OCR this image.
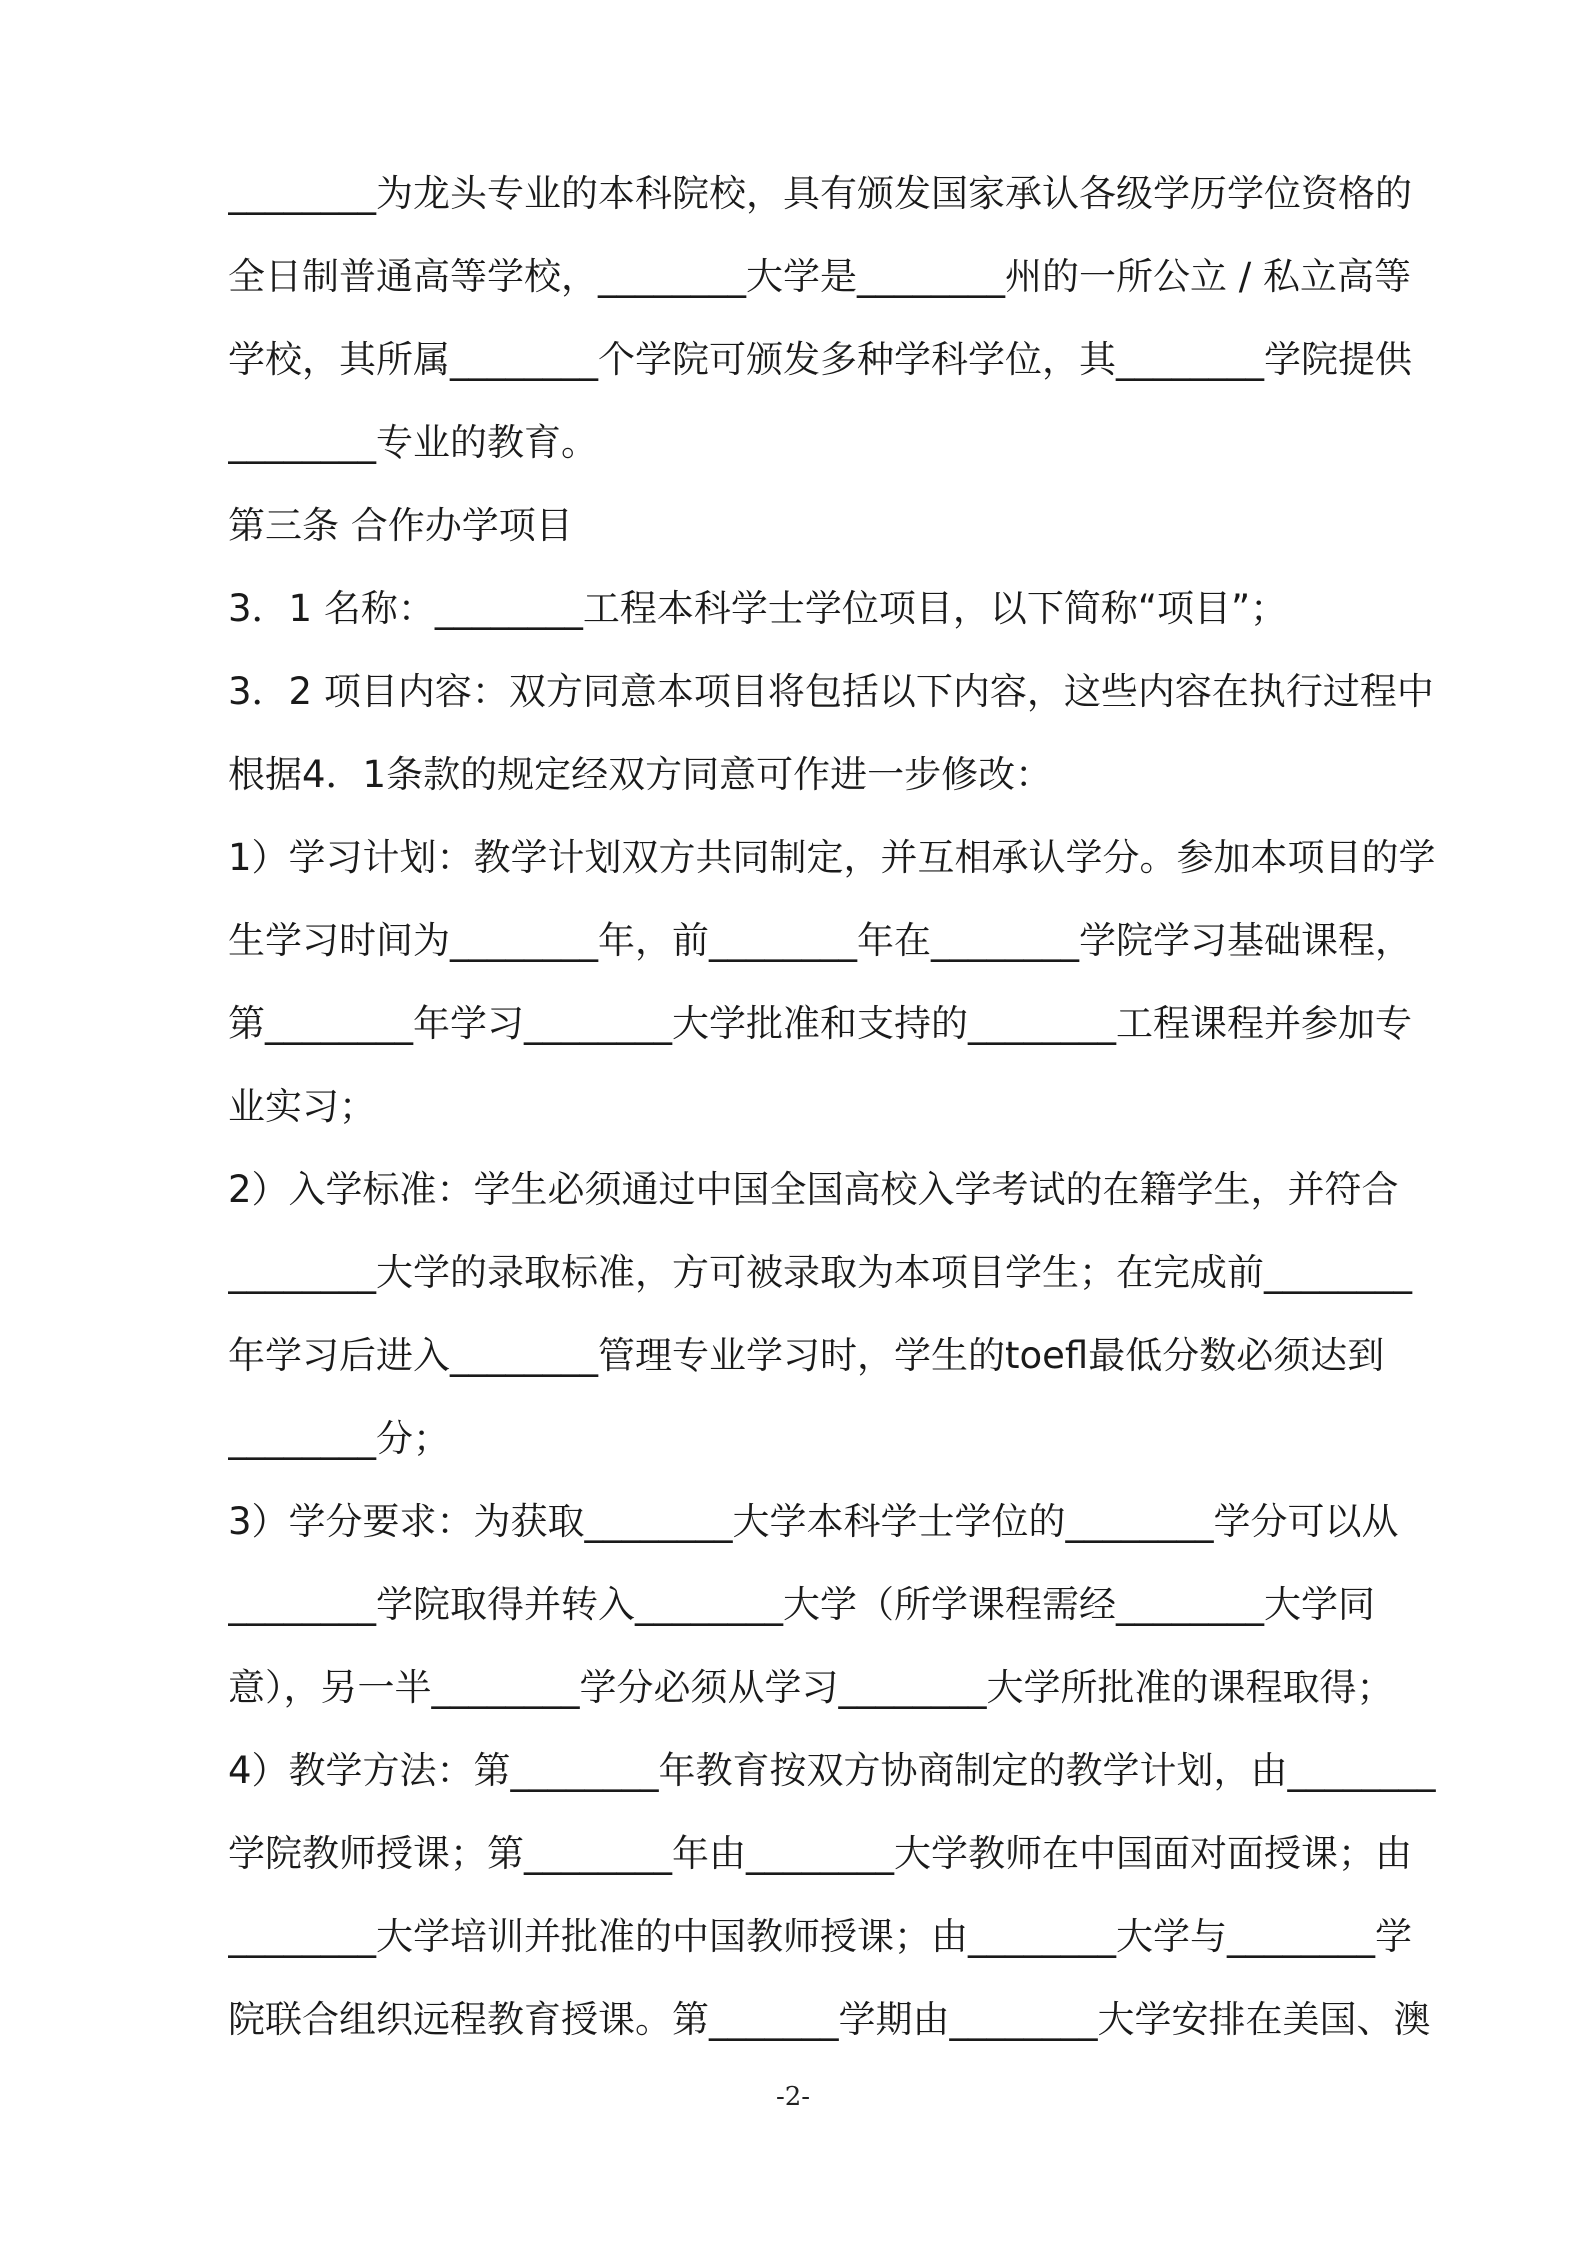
________为龙头专业的本科院校，具有颁发国家承认各级学历学位资格的
全日制普通高等学校，________大学是________州的一所公立 / 私立高等
学校，其所属________个学院可颁发多种学科学位，其________学院提供
________专业的教育。
第三条 合作办学项目
3．1 名称：________工程本科学士学位项目，以下简称“项目”；
3．2 项目内容：双方同意本项目将包括以下内容，这些内容在执行过程中
根据4．1条款的规定经双方同意可作进一步修改：
1）学习计划：教学计划双方共同制定，并互相承认学分。参加本项目的学
生学习时间为________年，前________年在________学院学习基础课程，
第________年学习________大学批准和支持的________工程课程并参加专
业实习；
2）入学标准：学生必须通过中国全国高校入学考试的在籍学生，并符合
________大学的录取标准，方可被录取为本项目学生；在完成前________
年学习后进入________管理专业学习时，学生的toefl最低分数必须达到
________分；
3）学分要求：为获取________大学本科学士学位的________学分可以从
________学院取得并转入________大学（所学课程需经________大学同
意），另一半________学分必须从学习________大学所批准的课程取得；
4）教学方法：第________年教育按双方协商制定的教学计划，由________
学院教师授课；第________年由________大学教师在中国面对面授课；由
________大学培训并批准的中国教师授课；由________大学与________学
院联合组织远程教育授课。第_______学期由________大学安排在美国、澳
-2-
